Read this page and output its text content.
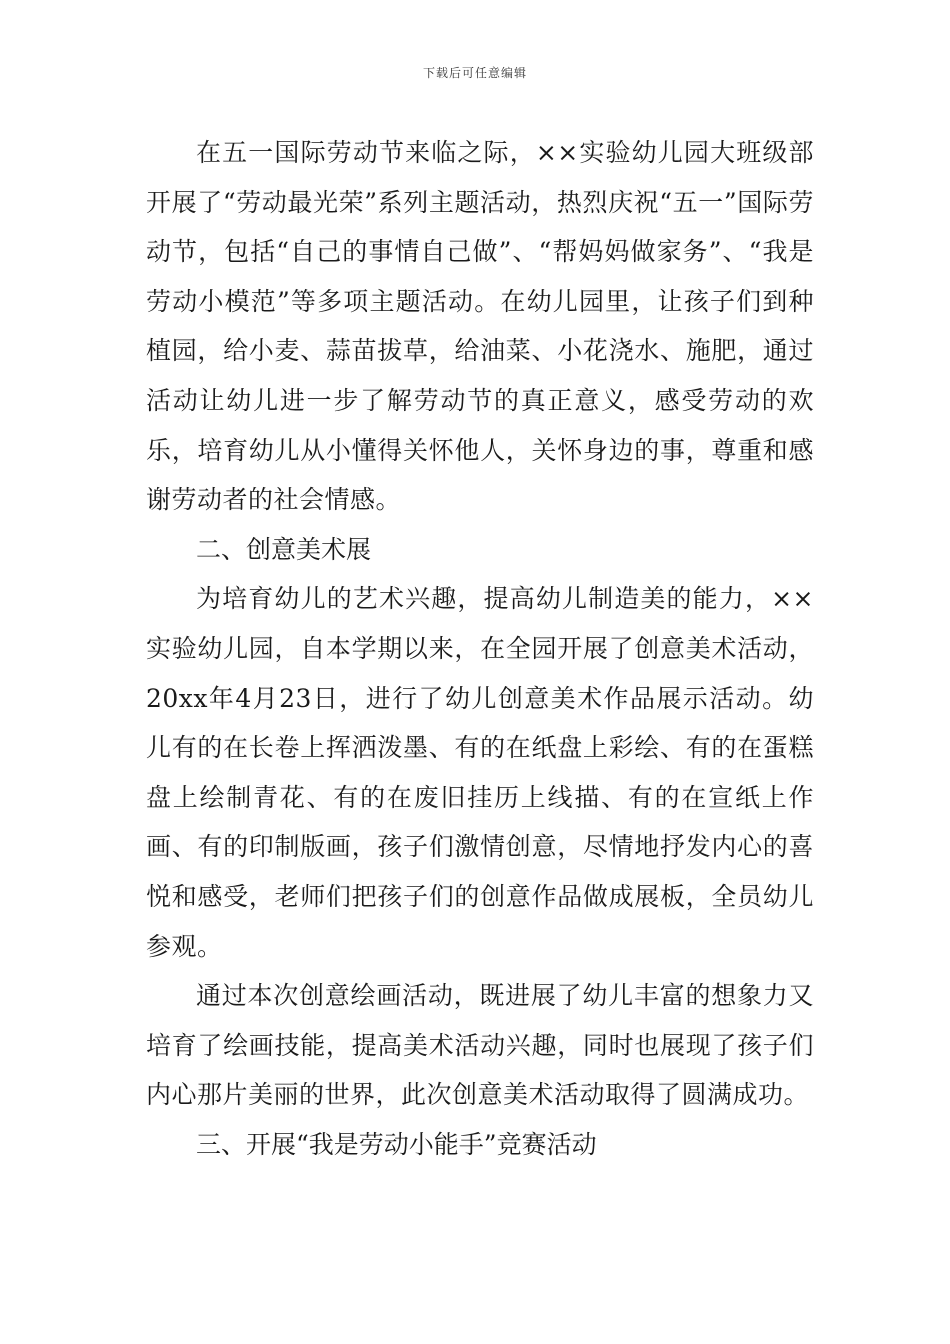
下载后可任意编辑

在五一国际劳动节来临之际，××实验幼儿园大班级部开展了“劳动最光荣”系列主题活动，热烈庆祝“五一”国际劳动节，包括“自己的事情自己做”、“帮妈妈做家务”、“我是劳动小模范”等多项主题活动。在幼儿园里，让孩子们到种植园，给小麦、蒜苗拔草，给油菜、小花浇水、施肥，通过活动让幼儿进一步了解劳动节的真正意义，感受劳动的欢乐，培育幼儿从小懂得关怀他人，关怀身边的事，尊重和感谢劳动者的社会情感。

二、创意美术展

为培育幼儿的艺术兴趣，提高幼儿制造美的能力，××实验幼儿园，自本学期以来，在全园开展了创意美术活动，20xx年4月23日，进行了幼儿创意美术作品展示活动。幼儿有的在长卷上挥洒泼墨、有的在纸盘上彩绘、有的在蛋糕盘上绘制青花、有的在废旧挂历上线描、有的在宣纸上作画、有的印制版画，孩子们激情创意，尽情地抒发内心的喜悦和感受，老师们把孩子们的创意作品做成展板，全员幼儿参观。

通过本次创意绘画活动，既进展了幼儿丰富的想象力又培育了绘画技能，提高美术活动兴趣，同时也展现了孩子们内心那片美丽的世界，此次创意美术活动取得了圆满成功。

三、开展“我是劳动小能手”竞赛活动
